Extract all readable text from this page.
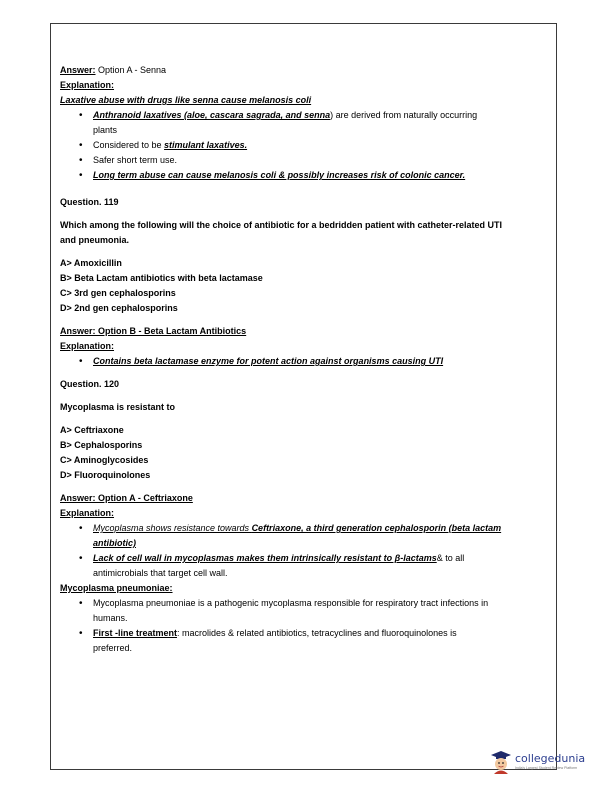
Answer: Option A - Senna
Explanation:
Laxative abuse with drugs like senna cause melanosis coli
• Anthranoid laxatives (aloe, cascara sagrada, and senna) are derived from naturally occurring
plants
• Considered to be stimulant laxatives.
• Safer short term use.
• Long term abuse can cause melanosis coli & possibly increases risk of colonic cancer.
Question. 119
Which among the following will the choice of antibiotic for a bedridden patient with catheter-related UTI
and pneumonia.
A> Amoxicillin
B> Beta Lactam antibiotics with beta lactamase
C> 3rd gen cephalosporins
D> 2nd gen cephalosporins
Answer: Option B - Beta Lactam Antibiotics
Explanation:
• Contains beta lactamase enzyme for potent action against organisms causing UTI
Question. 120
Mycoplasma is resistant to
A> Ceftriaxone
B> Cephalosporins
C> Aminoglycosides
D> Fluoroquinolones
Answer: Option A - Ceftriaxone
Explanation:
• Mycoplasma shows resistance towards Ceftriaxone, a third generation cephalosporin (beta lactam
antibiotic)
• Lack of cell wall in mycoplasmas makes them intrinsically resistant to β-lactams& to all
antimicrobials that target cell wall.
Mycoplasma pneumoniae:
• Mycoplasma pneumoniae is a pathogenic mycoplasma responsible for respiratory tract infections in
humans.
• First -line treatment: macrolides & related antibiotics, tetracyclines and fluoroquinolones is
preferred.
collegedunia
India's Largest Student Review Platform
